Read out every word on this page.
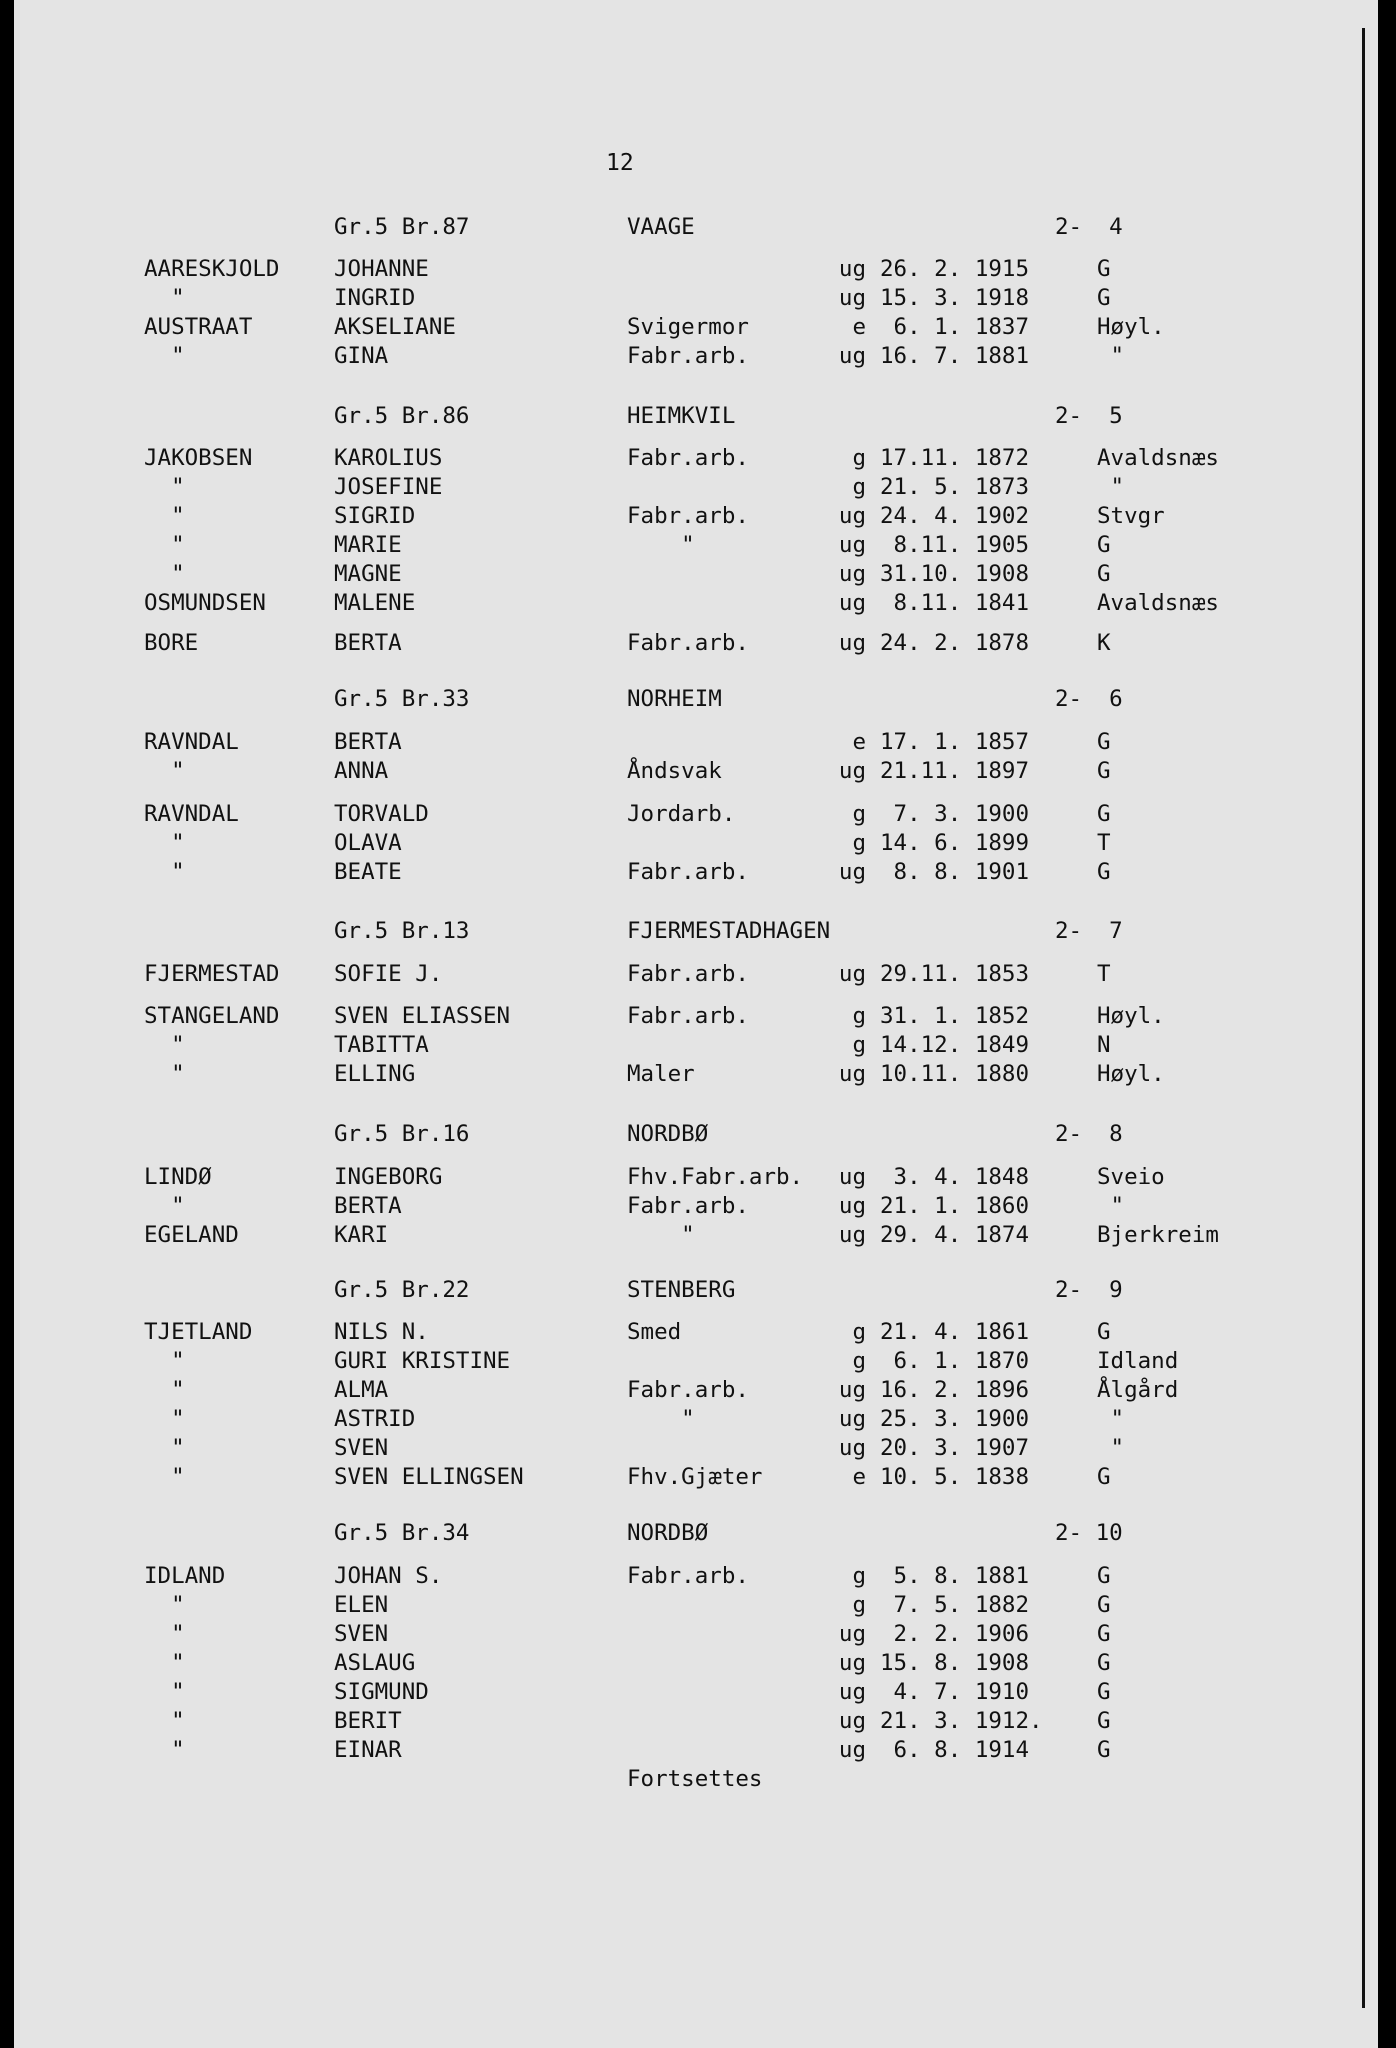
12
Gr.5 Br.87	VAAGE	2-  4
AARESKJOLD JOHANNE	ug 26. 2. 1915	G
"	INGRID	ug 15. 3. 1918	G
AUSTRAAT	AKSELIANE	Svigermor	e 6. 1. 1837	Høyl.
"	GINA	Fabr.arb.	ug 16. 7. 1881	"
Gr.5 Br.86	HEIMKVIL	2-  5
JAKOBSEN	KAROLIUS	Fabr.arb.	g 17.11. 1872	Avaldsnæs
"	JOSEFINE	g 21. 5. 1873	"
"	SIGRID	Fabr.arb.	ug 24. 4. 1902	Stvgr
"	MARIE	"	ug 8.11. 1905	G
"	MAGNE	ug 31.10. 1908	G
OSMUNDSEN	MALENE	ug 8.11. 1841	Avaldsnæs
BORE	BERTA	Fabr.arb.	ug 24. 2. 1878	K
Gr.5 Br.33	NORHEIM	2-  6
RAVNDAL	BERTA	e 17. 1. 1857	G
"	ANNA	Åndsvak	ug 21.11. 1897	G
RAVNDAL	TORVALD	Jordarb.	g 7. 3. 1900	G
"	OLAVA	g 14. 6. 1899	T
"	BEATE	Fabr.arb.	ug 8. 8. 1901	G
Gr.5 Br.13	FJERMESTADHAGEN	2-  7
FJERMESTAD SOFIE J.	Fabr.arb.	ug 29.11. 1853	T
STANGELAND SVEN ELIASSEN	Fabr.arb.	g 31. 1. 1852	Høyl.
"	TABITTA	g 14.12. 1849	N
"	ELLING	Maler	ug 10.11. 1880	Høyl.
Gr.5 Br.16	NORDBØ	2-  8
LINDØ	INGEBORG	Fhv.Fabr.arb.	ug 3. 4. 1848	Sveio
"	BERTA	Fabr.arb.	ug 21. 1. 1860	"
EGELAND	KARI	"	ug 29. 4. 1874	Bjerkreim
Gr.5 Br.22	STENBERG	2-  9
TJETLAND	NILS N.	Smed	g 21. 4. 1861	G
"	GURI KRISTINE	g 6. 1. 1870	Idland
"	ALMA	Fabr.arb.	ug 16. 2. 1896	Ålgård
"	ASTRID	"	ug 25. 3. 1900	"
"	SVEN	ug 20. 3. 1907	"
"	SVEN ELLINGSEN	Fhv.Gjæter	e 10. 5. 1838	G
Gr.5 Br.34	NORDBØ	2- 10
IDLAND	JOHAN S.	Fabr.arb.	g 5. 8. 1881	G
"	ELEN	g 7. 5. 1882	G
"	SVEN	ug 2. 2. 1906	G
"	ASLAUG	ug 15. 8. 1908	G
"	SIGMUND	ug 4. 7. 1910	G
"	BERIT	ug 21. 3. 1912. G
"	EINAR	ug 6. 8. 1914	G
Fortsettes
